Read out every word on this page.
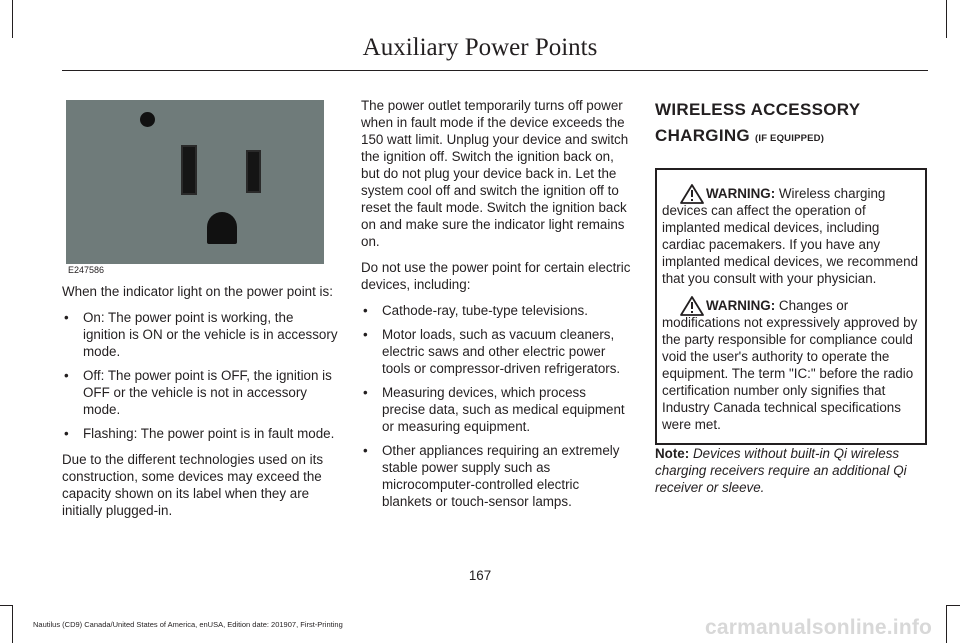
Auxiliary Power Points
E247586

When the indicator light on the power point is:

• On: The power point is working, the ignition is ON or the vehicle is in accessory mode.
• Off: The power point is OFF, the ignition is OFF or the vehicle is not in accessory mode.
• Flashing: The power point is in fault mode.

Due to the different technologies used on its construction, some devices may exceed the capacity shown on its label when they are initially plugged-in.

The power outlet temporarily turns off power when in fault mode if the device exceeds the 150 watt limit. Unplug your device and switch the ignition off. Switch the ignition back on, but do not plug your device back in. Let the system cool off and switch the ignition off to reset the fault mode. Switch the ignition back on and make sure the indicator light remains on.

Do not use the power point for certain electric devices, including:

• Cathode-ray, tube-type televisions.
• Motor loads, such as vacuum cleaners, electric saws and other electric power tools or compressor-driven refrigerators.
• Measuring devices, which process precise data, such as medical equipment or measuring equipment.
• Other appliances requiring an extremely stable power supply such as microcomputer-controlled electric blankets or touch-sensor lamps.
WIRELESS ACCESSORY
CHARGING (IF EQUIPPED)

WARNING: Wireless charging devices can affect the operation of implanted medical devices, including cardiac pacemakers. If you have any implanted medical devices, we recommend that you consult with your physician.

WARNING: Changes or modifications not expressively approved by the party responsible for compliance could void the user's authority to operate the equipment. The term "IC:" before the radio certification number only signifies that Industry Canada technical specifications were met.

Note: Devices without built-in Qi wireless charging receivers require an additional Qi receiver or sleeve.

167
Nautilus (CD9) Canada/United States of America, enUSA, Edition date: 201907, First-Printing	carmanualsonline.info
